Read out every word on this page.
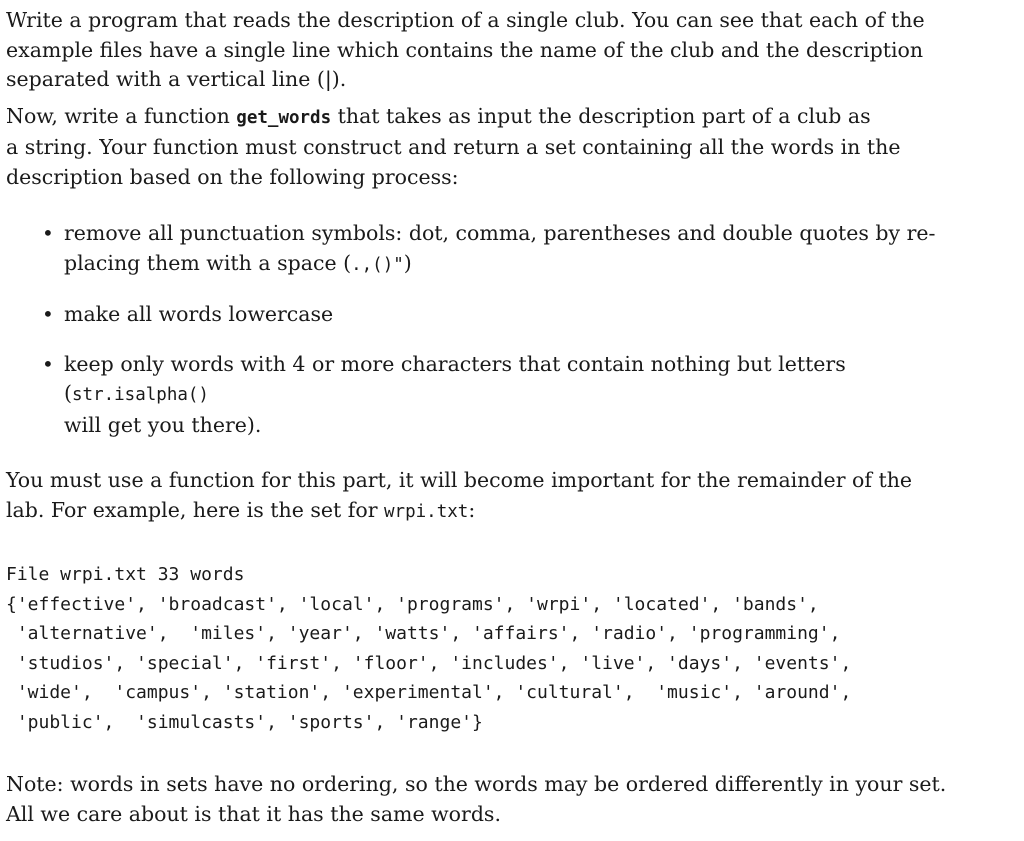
Write a program that reads the description of a single club. You can see that each of the
example files have a single line which contains the name of the club and the description
separated with a vertical line (|).

Now, write a function get_words that takes as input the description part of a club as
a string. Your function must construct and return a set containing all the words in the
description based on the following process:

• remove all punctuation symbols: dot, comma, parentheses and double quotes by re-
placing them with a space (.,()")
• make all words lowercase
• keep only words with 4 or more characters that contain nothing but letters (str.isalpha()
will get you there).

You must use a function for this part, it will become important for the remainder of the
lab. For example, here is the set for wrpi.txt:

File wrpi.txt 33 words
{'effective', 'broadcast', 'local', 'programs', 'wrpi', 'located', 'bands',
'alternative',  'miles', 'year', 'watts', 'affairs', 'radio', 'programming',
'studios', 'special', 'first', 'floor', 'includes', 'live', 'days', 'events',
'wide',  'campus', 'station', 'experimental', 'cultural',  'music', 'around',
'public',  'simulcasts', 'sports', 'range'}

Note: words in sets have no ordering, so the words may be ordered differently in your set.
All we care about is that it has the same words.
